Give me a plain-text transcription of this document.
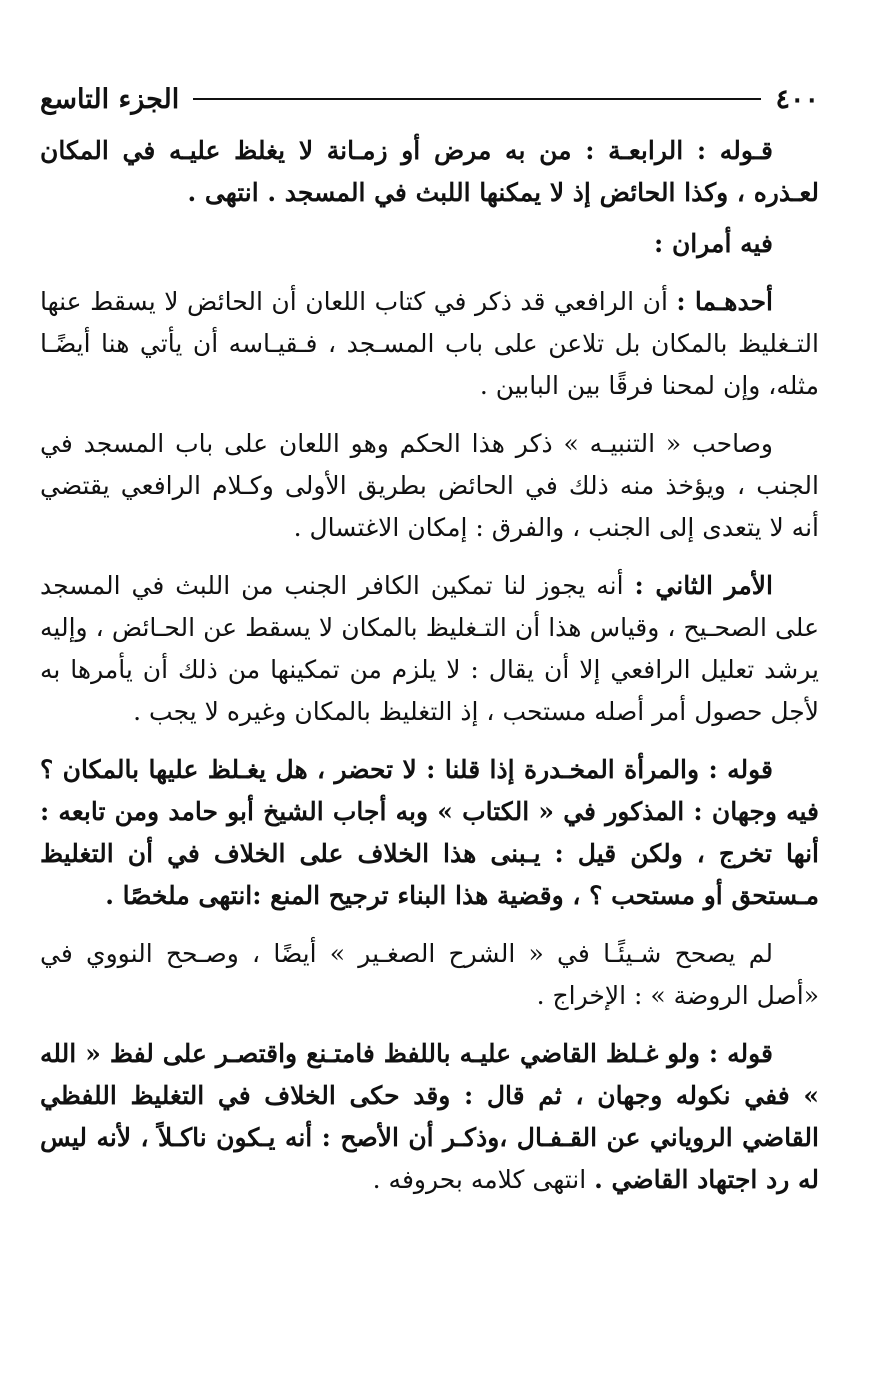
٤٠٠
الجزء التاسع

قـوله : الرابعـة : من به مرض أو زمـانة لا يغلظ عليـه في المكان لعـذره ، وكذا الحائض إذ لا يمكنها اللبث في المسجد . انتهى .

فيه أمران :

أحدهـما : أن الرافعي قد ذكر في كتاب اللعان أن الحائض لا يسقط عنها التـغليظ بالمكان بل تلاعن على باب المسـجد ، فـقيـاسه أن يأتي هنا أيضًـا مثله، وإن لمحنا فرقًا بين البابين .

وصاحب « التنبيـه » ذكر هذا الحكم وهو اللعان على باب المسجد في الجنب ، ويؤخذ منه ذلك في الحائض بطريق الأولى وكـلام الرافعي يقتضي أنه لا يتعدى إلى الجنب ، والفرق : إمكان الاغتسال .

الأمر الثاني : أنه يجوز لنا تمكين الكافر الجنب من اللبث في المسجد على الصحـيح ، وقياس هذا أن التـغليظ بالمكان لا يسقط عن الحـائض ، وإليه يرشد تعليل الرافعي إلا أن يقال : لا يلزم من تمكينها من ذلك أن يأمرها به لأجل حصول أمر أصله مستحب ، إذ التغليظ بالمكان وغيره لا يجب .

قوله : والمرأة المخـدرة إذا قلنا : لا تحضر ، هل يغـلظ عليها بالمكان ؟ فيه وجهان : المذكور في « الكتاب » وبه أجاب الشيخ أبو حامد ومن تابعه : أنها تخرج ، ولكن قيل : يـبنى هذا الخلاف على الخلاف في أن التغليظ مـستحق أو مستحب ؟ ، وقضية هذا البناء ترجيح المنع :انتهى ملخصًا .

لم يصحح شـيئًـا في « الشرح الصغـير » أيضًا ، وصـحح النووي في «أصل الروضة » : الإخراج .

قوله : ولو غـلظ القاضي عليـه باللفظ فامتـنع واقتصـر على لفظ « الله » ففي نكوله وجهان ، ثم قال : وقد حكى الخلاف في التغليظ اللفظي القاضي الروياني عن القـفـال ،وذكـر أن الأصح : أنه يـكون ناكـلاً ، لأنه ليس له رد اجتهاد القاضي . انتهى كلامه بحروفه .
